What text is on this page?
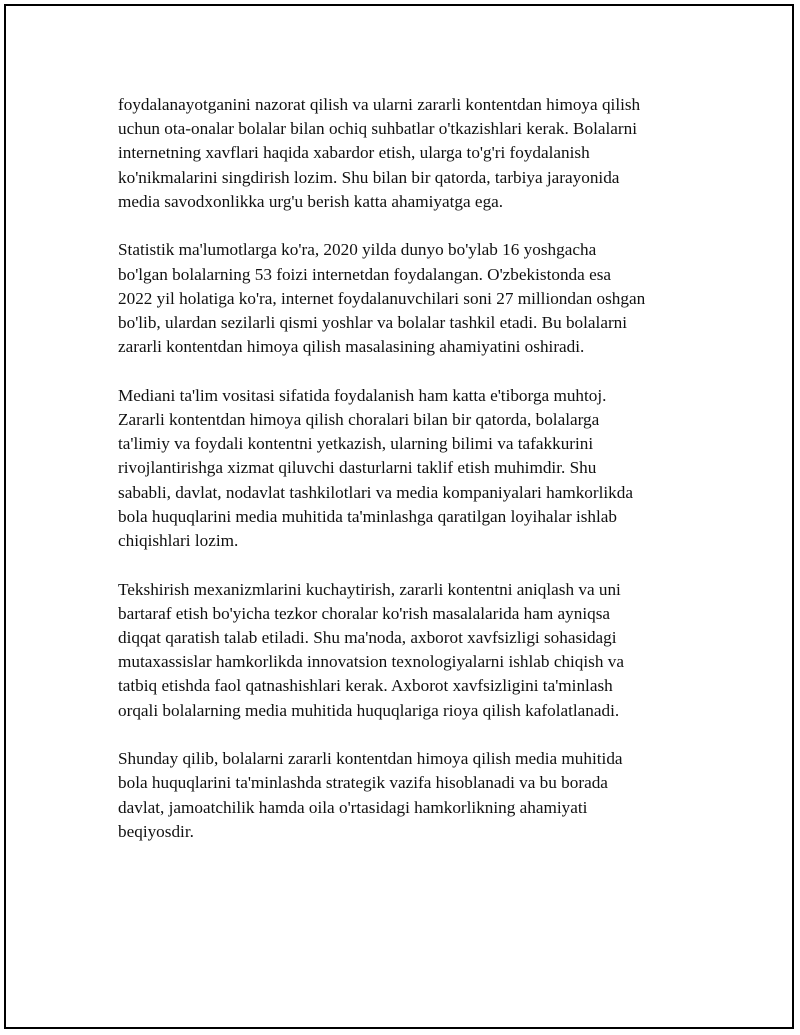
foydalanayotganini nazorat qilish va ularni zararli kontentdan himoya qilish
uchun ota-onalar bolalar bilan ochiq suhbatlar o'tkazishlari kerak. Bolalarni
internetning xavflari haqida xabardor etish, ularga to'g'ri foydalanish
ko'nikmalarini singdirish lozim. Shu bilan bir qatorda, tarbiya jarayonida
media savodxonlikka urg'u berish katta ahamiyatga ega.

Statistik ma'lumotlarga ko'ra, 2020 yilda dunyo bo'ylab 16 yoshgacha
bo'lgan bolalarning 53 foizi internetdan foydalangan. O'zbekistonda esa
2022 yil holatiga ko'ra, internet foydalanuvchilari soni 27 milliondan oshgan
bo'lib, ulardan sezilarli qismi yoshlar va bolalar tashkil etadi. Bu bolalarni
zararli kontentdan himoya qilish masalasining ahamiyatini oshiradi.

Mediani ta'lim vositasi sifatida foydalanish ham katta e'tiborga muhtoj.
Zararli kontentdan himoya qilish choralari bilan bir qatorda, bolalarga
ta'limiy va foydali kontentni yetkazish, ularning bilimi va tafakkurini
rivojlantirishga xizmat qiluvchi dasturlarni taklif etish muhimdir. Shu
sababli, davlat, nodavlat tashkilotlari va media kompaniyalari hamkorlikda
bola huquqlarini media muhitida ta'minlashga qaratilgan loyihalar ishlab
chiqishlari lozim.

Tekshirish mexanizmlarini kuchaytirish, zararli kontentni aniqlash va uni
bartaraf etish bo'yicha tezkor choralar ko'rish masalalarida ham ayniqsa
diqqat qaratish talab etiladi. Shu ma'noda, axborot xavfsizligi sohasidagi
mutaxassislar hamkorlikda innovatsion texnologiyalarni ishlab chiqish va
tatbiq etishda faol qatnashishlari kerak. Axborot xavfsizligini ta'minlash
orqali bolalarning media muhitida huquqlariga rioya qilish kafolatlanadi.

Shunday qilib, bolalarni zararli kontentdan himoya qilish media muhitida
bola huquqlarini ta'minlashda strategik vazifa hisoblanadi va bu borada
davlat, jamoatchilik hamda oila o'rtasidagi hamkorlikning ahamiyati
beqiyosdir.
